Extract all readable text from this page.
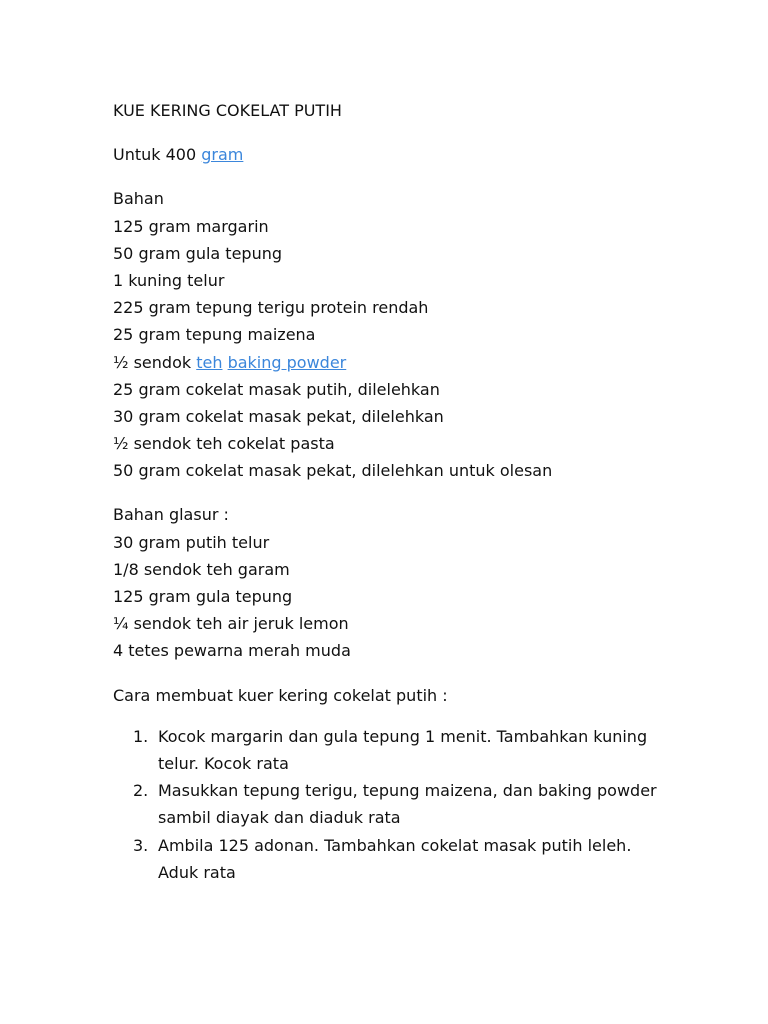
KUE KERING COKELAT PUTIH
Untuk 400 gram
Bahan
125 gram margarin
50 gram gula tepung
1 kuning telur
225 gram tepung terigu protein rendah
25 gram tepung maizena
½ sendok teh baking powder
25 gram cokelat masak putih, dilelehkan
30 gram cokelat masak pekat, dilelehkan
½ sendok teh cokelat pasta
50 gram cokelat masak pekat, dilelehkan untuk olesan
Bahan glasur :
30 gram putih telur
1/8 sendok teh garam
125 gram gula tepung
¼ sendok teh air jeruk lemon
4 tetes pewarna merah muda
Cara membuat kuer kering cokelat putih :
1. Kocok margarin dan gula tepung 1 menit. Tambahkan kuning
telur. Kocok rata
2. Masukkan tepung terigu, tepung maizena, dan baking powder
sambil diayak dan diaduk rata
3. Ambila 125 adonan. Tambahkan cokelat masak putih leleh.
Aduk rata
